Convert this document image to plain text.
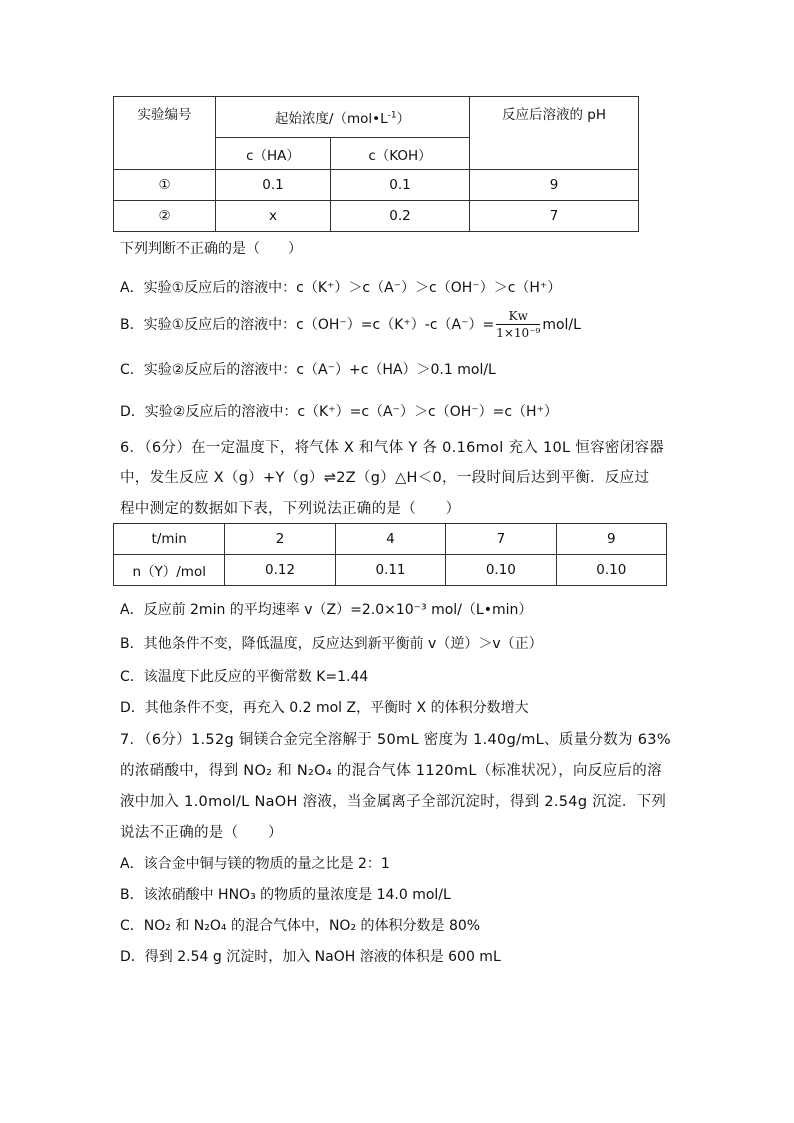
实验编号	起始浓度$/(mol•L^{-1})$		反应后溶液的 pH
	c（HA）	c（KOH）	
①	0.1	0.1	9
②	x	0.2	7
下列判断不正确的是（　　）
A．实验①反应后的溶液中：c（K⁺）＞c（A⁻）＞c（OH⁻）＞c（H⁺）
B．实验①反应后的溶液中：$c(OH^-)=c(K^+)-c(A^-)= \frac{Kw}{\text{1×10⁻⁹}} mol/L$
C．实验②反应后的溶液中：c（A⁻）+c（HA）＞0.1 mol/L
D．实验②反应后的溶液中：c（K⁺）=c（A⁻）＞c（OH⁻）=c（H⁺）
6．（6分）在一定温度下，将气体 X 和气体 Y 各 0.16mol 充入 10L 恒容密闭容器
中，发生反应 X（g）+Y（g）⇌2Z（g）△H＜0，一段时间后达到平衡．反应过
程中测定的数据如下表，下列说法正确的是（　　）
t/min	2	4	7	9
n（Y）/mol	0.12	0.11	0.10	0.10
A．反应前 2min 的平均速率 v（Z）=2.0×10⁻³ mol/（L•min）
B．其他条件不变，降低温度，反应达到新平衡前 v（逆）＞v（正）
C．该温度下此反应的平衡常数 K=1.44
D．其他条件不变，再充入 0.2 mol Z，平衡时 X 的体积分数增大
7．（6分）1.52g 铜镁合金完全溶解于 50mL 密度为 1.40g/mL、质量分数为 63%
的浓硝酸中，得到 NO₂ 和 N₂O₄ 的混合气体 1120mL（标准状况），向反应后的溶
液中加入 1.0mol/L NaOH 溶液，当金属离子全部沉淀时，得到 2.54g 沉淀．下列
说法不正确的是（　　）
A．该合金中铜与镁的物质的量之比是 2：1
B．该浓硝酸中 HNO₃ 的物质的量浓度是 14.0 mol/L
C．NO₂ 和 N₂O₄ 的混合气体中，NO₂ 的体积分数是 80%
D．得到 2.54 g 沉淀时，加入 NaOH 溶液的体积是 600 mL
